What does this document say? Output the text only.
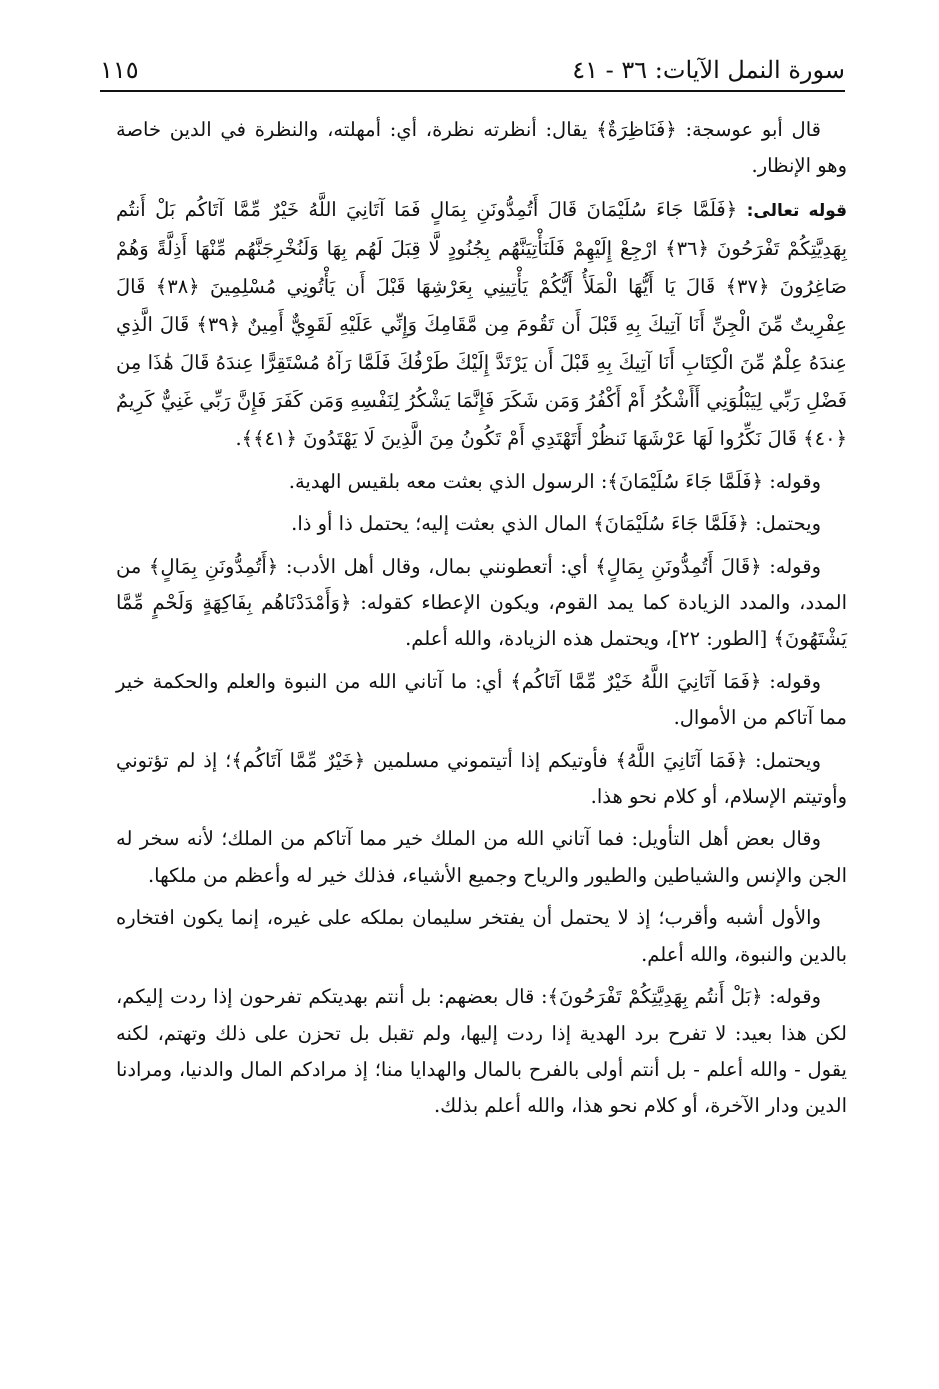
سورة النمل الآيات: ٣٦ - ٤١
١١٥

قال أبو عوسجة: ﴿فَنَاظِرَةٌ﴾ يقال: أنظرته نظرة، أي: أمهلته، والنظرة في الدين خاصة وهو الإنظار.

قوله تعالى: ﴿فَلَمَّا جَاءَ سُلَيْمَانَ قَالَ أَتُمِدُّونَنِ بِمَالٍ فَمَا آتَانِيَ اللَّهُ خَيْرٌ مِّمَّا آتَاكُم بَلْ أَنتُم بِهَدِيَّتِكُمْ تَفْرَحُونَ ﴿٣٦﴾ ارْجِعْ إِلَيْهِمْ فَلَنَأْتِيَنَّهُم بِجُنُودٍ لَّا قِبَلَ لَهُم بِهَا وَلَنُخْرِجَنَّهُم مِّنْهَا أَذِلَّةً وَهُمْ صَاغِرُونَ ﴿٣٧﴾ قَالَ يَا أَيُّهَا الْمَلَأُ أَيُّكُمْ يَأْتِينِي بِعَرْشِهَا قَبْلَ أَن يَأْتُونِي مُسْلِمِينَ ﴿٣٨﴾ قَالَ عِفْرِيتٌ مِّنَ الْجِنِّ أَنَا آتِيكَ بِهِ قَبْلَ أَن تَقُومَ مِن مَّقَامِكَ وَإِنِّي عَلَيْهِ لَقَوِيٌّ أَمِينٌ ﴿٣٩﴾ قَالَ الَّذِي عِندَهُ عِلْمٌ مِّنَ الْكِتَابِ أَنَا آتِيكَ بِهِ قَبْلَ أَن يَرْتَدَّ إِلَيْكَ طَرْفُكَ فَلَمَّا رَآهُ مُسْتَقِرًّا عِندَهُ قَالَ هَٰذَا مِن فَضْلِ رَبِّي لِيَبْلُوَنِي أَأَشْكُرُ أَمْ أَكْفُرُ وَمَن شَكَرَ فَإِنَّمَا يَشْكُرُ لِنَفْسِهِ وَمَن كَفَرَ فَإِنَّ رَبِّي غَنِيٌّ كَرِيمٌ ﴿٤٠﴾ قَالَ نَكِّرُوا لَهَا عَرْشَهَا نَنظُرْ أَتَهْتَدِي أَمْ تَكُونُ مِنَ الَّذِينَ لَا يَهْتَدُونَ ﴿٤١﴾﴾.

وقوله: ﴿فَلَمَّا جَاءَ سُلَيْمَانَ﴾: الرسول الذي بعثت معه بلقيس الهدية.

ويحتمل: ﴿فَلَمَّا جَاءَ سُلَيْمَانَ﴾ المال الذي بعثت إليه؛ يحتمل ذا أو ذا.

وقوله: ﴿قَالَ أَتُمِدُّونَنِ بِمَالٍ﴾ أي: أتعطونني بمال، وقال أهل الأدب: ﴿أَتُمِدُّونَنِ بِمَالٍ﴾ من المدد، والمدد الزيادة كما يمد القوم، ويكون الإعطاء كقوله: ﴿وَأَمْدَدْنَاهُم بِفَاكِهَةٍ وَلَحْمٍ مِّمَّا يَشْتَهُونَ﴾ [الطور: ٢٢]، ويحتمل هذه الزيادة، والله أعلم.

وقوله: ﴿فَمَا آتَانِيَ اللَّهُ خَيْرٌ مِّمَّا آتَاكُم﴾ أي: ما آتاني الله من النبوة والعلم والحكمة خير مما آتاكم من الأموال.

ويحتمل: ﴿فَمَا آتَانِيَ اللَّهُ﴾ فأوتيكم إذا أتيتموني مسلمين ﴿خَيْرٌ مِّمَّا آتَاكُم﴾؛ إذ لم تؤتوني وأوتيتم الإسلام، أو كلام نحو هذا.

وقال بعض أهل التأويل: فما آتاني الله من الملك خير مما آتاكم من الملك؛ لأنه سخر له الجن والإنس والشياطين والطيور والرياح وجميع الأشياء، فذلك خير له وأعظم من ملكها.

والأول أشبه وأقرب؛ إذ لا يحتمل أن يفتخر سليمان بملكه على غيره، إنما يكون افتخاره بالدين والنبوة، والله أعلم.

وقوله: ﴿بَلْ أَنتُم بِهَدِيَّتِكُمْ تَفْرَحُونَ﴾: قال بعضهم: بل أنتم بهديتكم تفرحون إذا ردت إليكم، لكن هذا بعيد: لا تفرح برد الهدية إذا ردت إليها، ولم تقبل بل تحزن على ذلك وتهتم، لكنه يقول - والله أعلم - بل أنتم أولى بالفرح بالمال والهدايا منا؛ إذ مرادكم المال والدنيا، ومرادنا الدين ودار الآخرة، أو كلام نحو هذا، والله أعلم بذلك.
